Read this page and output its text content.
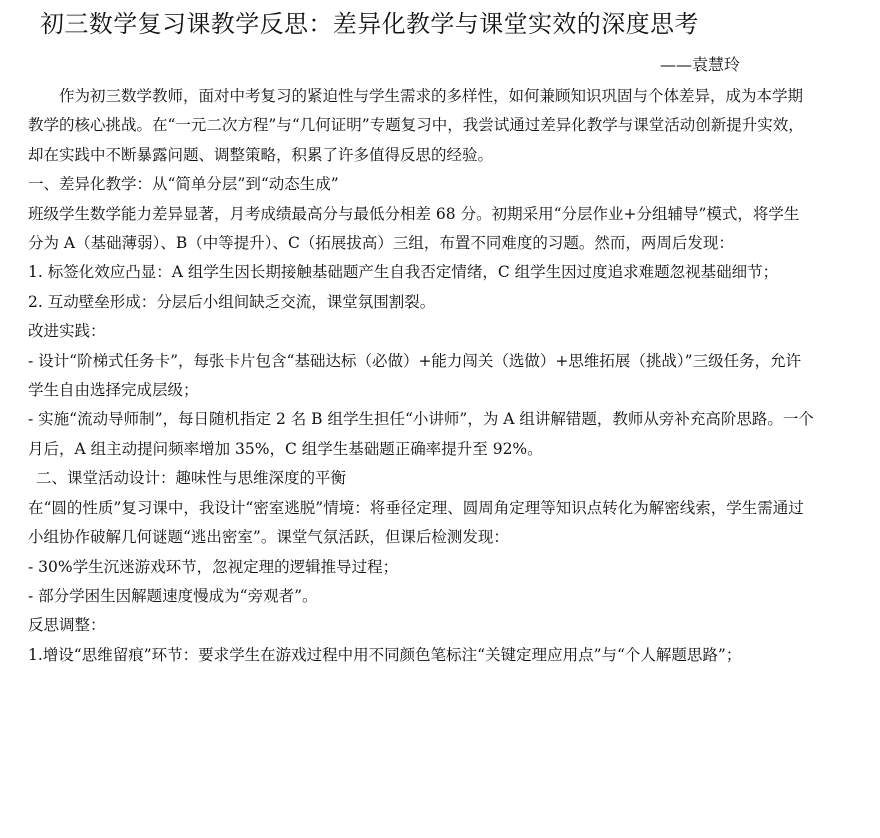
初三数学复习课教学反思：差异化教学与课堂实效的深度思考
——袁慧玲

作为初三数学教师，面对中考复习的紧迫性与学生需求的多样性，如何兼顾知识巩固与个体差异，成为本学期教学的核心挑战。在“一元二次方程”与“几何证明”专题复习中，我尝试通过差异化教学与课堂活动创新提升实效，却在实践中不断暴露问题、调整策略，积累了许多值得反思的经验。

一、差异化教学：从“简单分层”到“动态生成”

班级学生数学能力差异显著，月考成绩最高分与最低分相差 68 分。初期采用“分层作业+分组辅导”模式，将学生分为 A（基础薄弱）、B（中等提升）、C（拓展拔高）三组，布置不同难度的习题。然而，两周后发现：

1. 标签化效应凸显：A 组学生因长期接触基础题产生自我否定情绪，C 组学生因过度追求难题忽视基础细节；

2. 互动壁垒形成：分层后小组间缺乏交流，课堂氛围割裂。

改进实践：

- 设计“阶梯式任务卡”，每张卡片包含“基础达标（必做）+能力闯关（选做）+思维拓展（挑战）”三级任务，允许学生自由选择完成层级；

- 实施“流动导师制”，每日随机指定 2 名 B 组学生担任“小讲师”，为 A 组讲解错题，教师从旁补充高阶思路。一个月后，A 组主动提问频率增加 35%，C 组学生基础题正确率提升至 92%。

二、课堂活动设计：趣味性与思维深度的平衡

在“圆的性质”复习课中，我设计“密室逃脱”情境：将垂径定理、圆周角定理等知识点转化为解密线索，学生需通过小组协作破解几何谜题“逃出密室”。课堂气氛活跃，但课后检测发现：

- 30%学生沉迷游戏环节，忽视定理的逻辑推导过程；

- 部分学困生因解题速度慢成为“旁观者”。

反思调整：

1.增设“思维留痕”环节：要求学生在游戏过程中用不同颜色笔标注“关键定理应用点”与“个人解题思路”；
